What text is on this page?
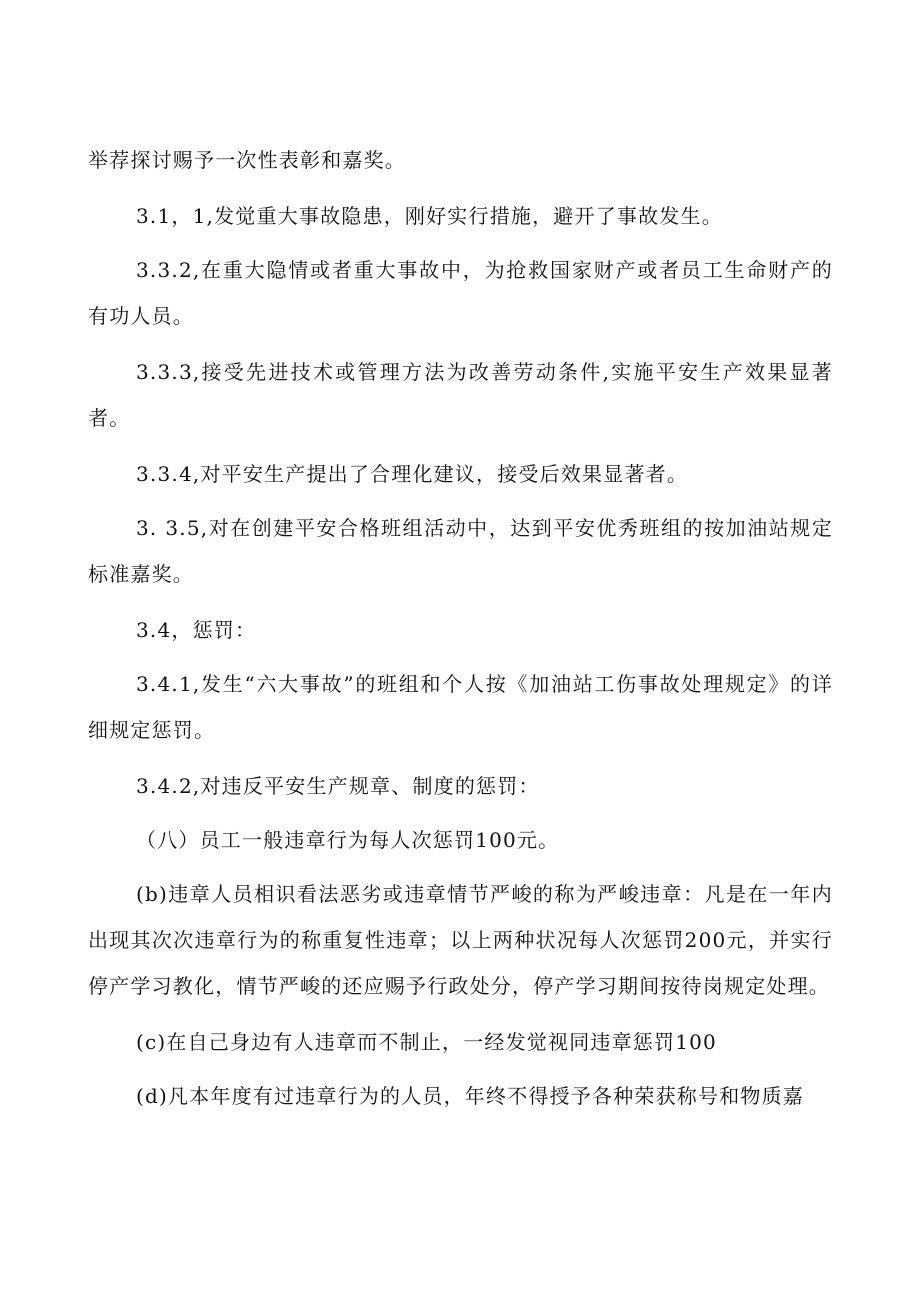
举荐探讨赐予一次性表彰和嘉奖。

3.1，1,发觉重大事故隐患，刚好实行措施，避开了事故发生。

3.3.2,在重大隐情或者重大事故中，为抢救国家财产或者员工生命财产的有功人员。

3.3.3,接受先进技术或管理方法为改善劳动条件,实施平安生产效果显著者。

3.3.4,对平安生产提出了合理化建议，接受后效果显著者。

3. 3.5,对在创建平安合格班组活动中，达到平安优秀班组的按加油站规定标准嘉奖。

3.4，惩罚：

3.4.1,发生“六大事故”的班组和个人按《加油站工伤事故处理规定》的详细规定惩罚。

3.4.2,对违反平安生产规章、制度的惩罚：

（八）员工一般违章行为每人次惩罚100元。

(b)违章人员相识看法恶劣或违章情节严峻的称为严峻违章：凡是在一年内出现其次次违章行为的称重复性违章；以上两种状况每人次惩罚200元，并实行停产学习教化，情节严峻的还应赐予行政处分，停产学习期间按待岗规定处理。

(c)在自己身边有人违章而不制止，一经发觉视同违章惩罚100

(d)凡本年度有过违章行为的人员，年终不得授予各种荣获称号和物质嘉
